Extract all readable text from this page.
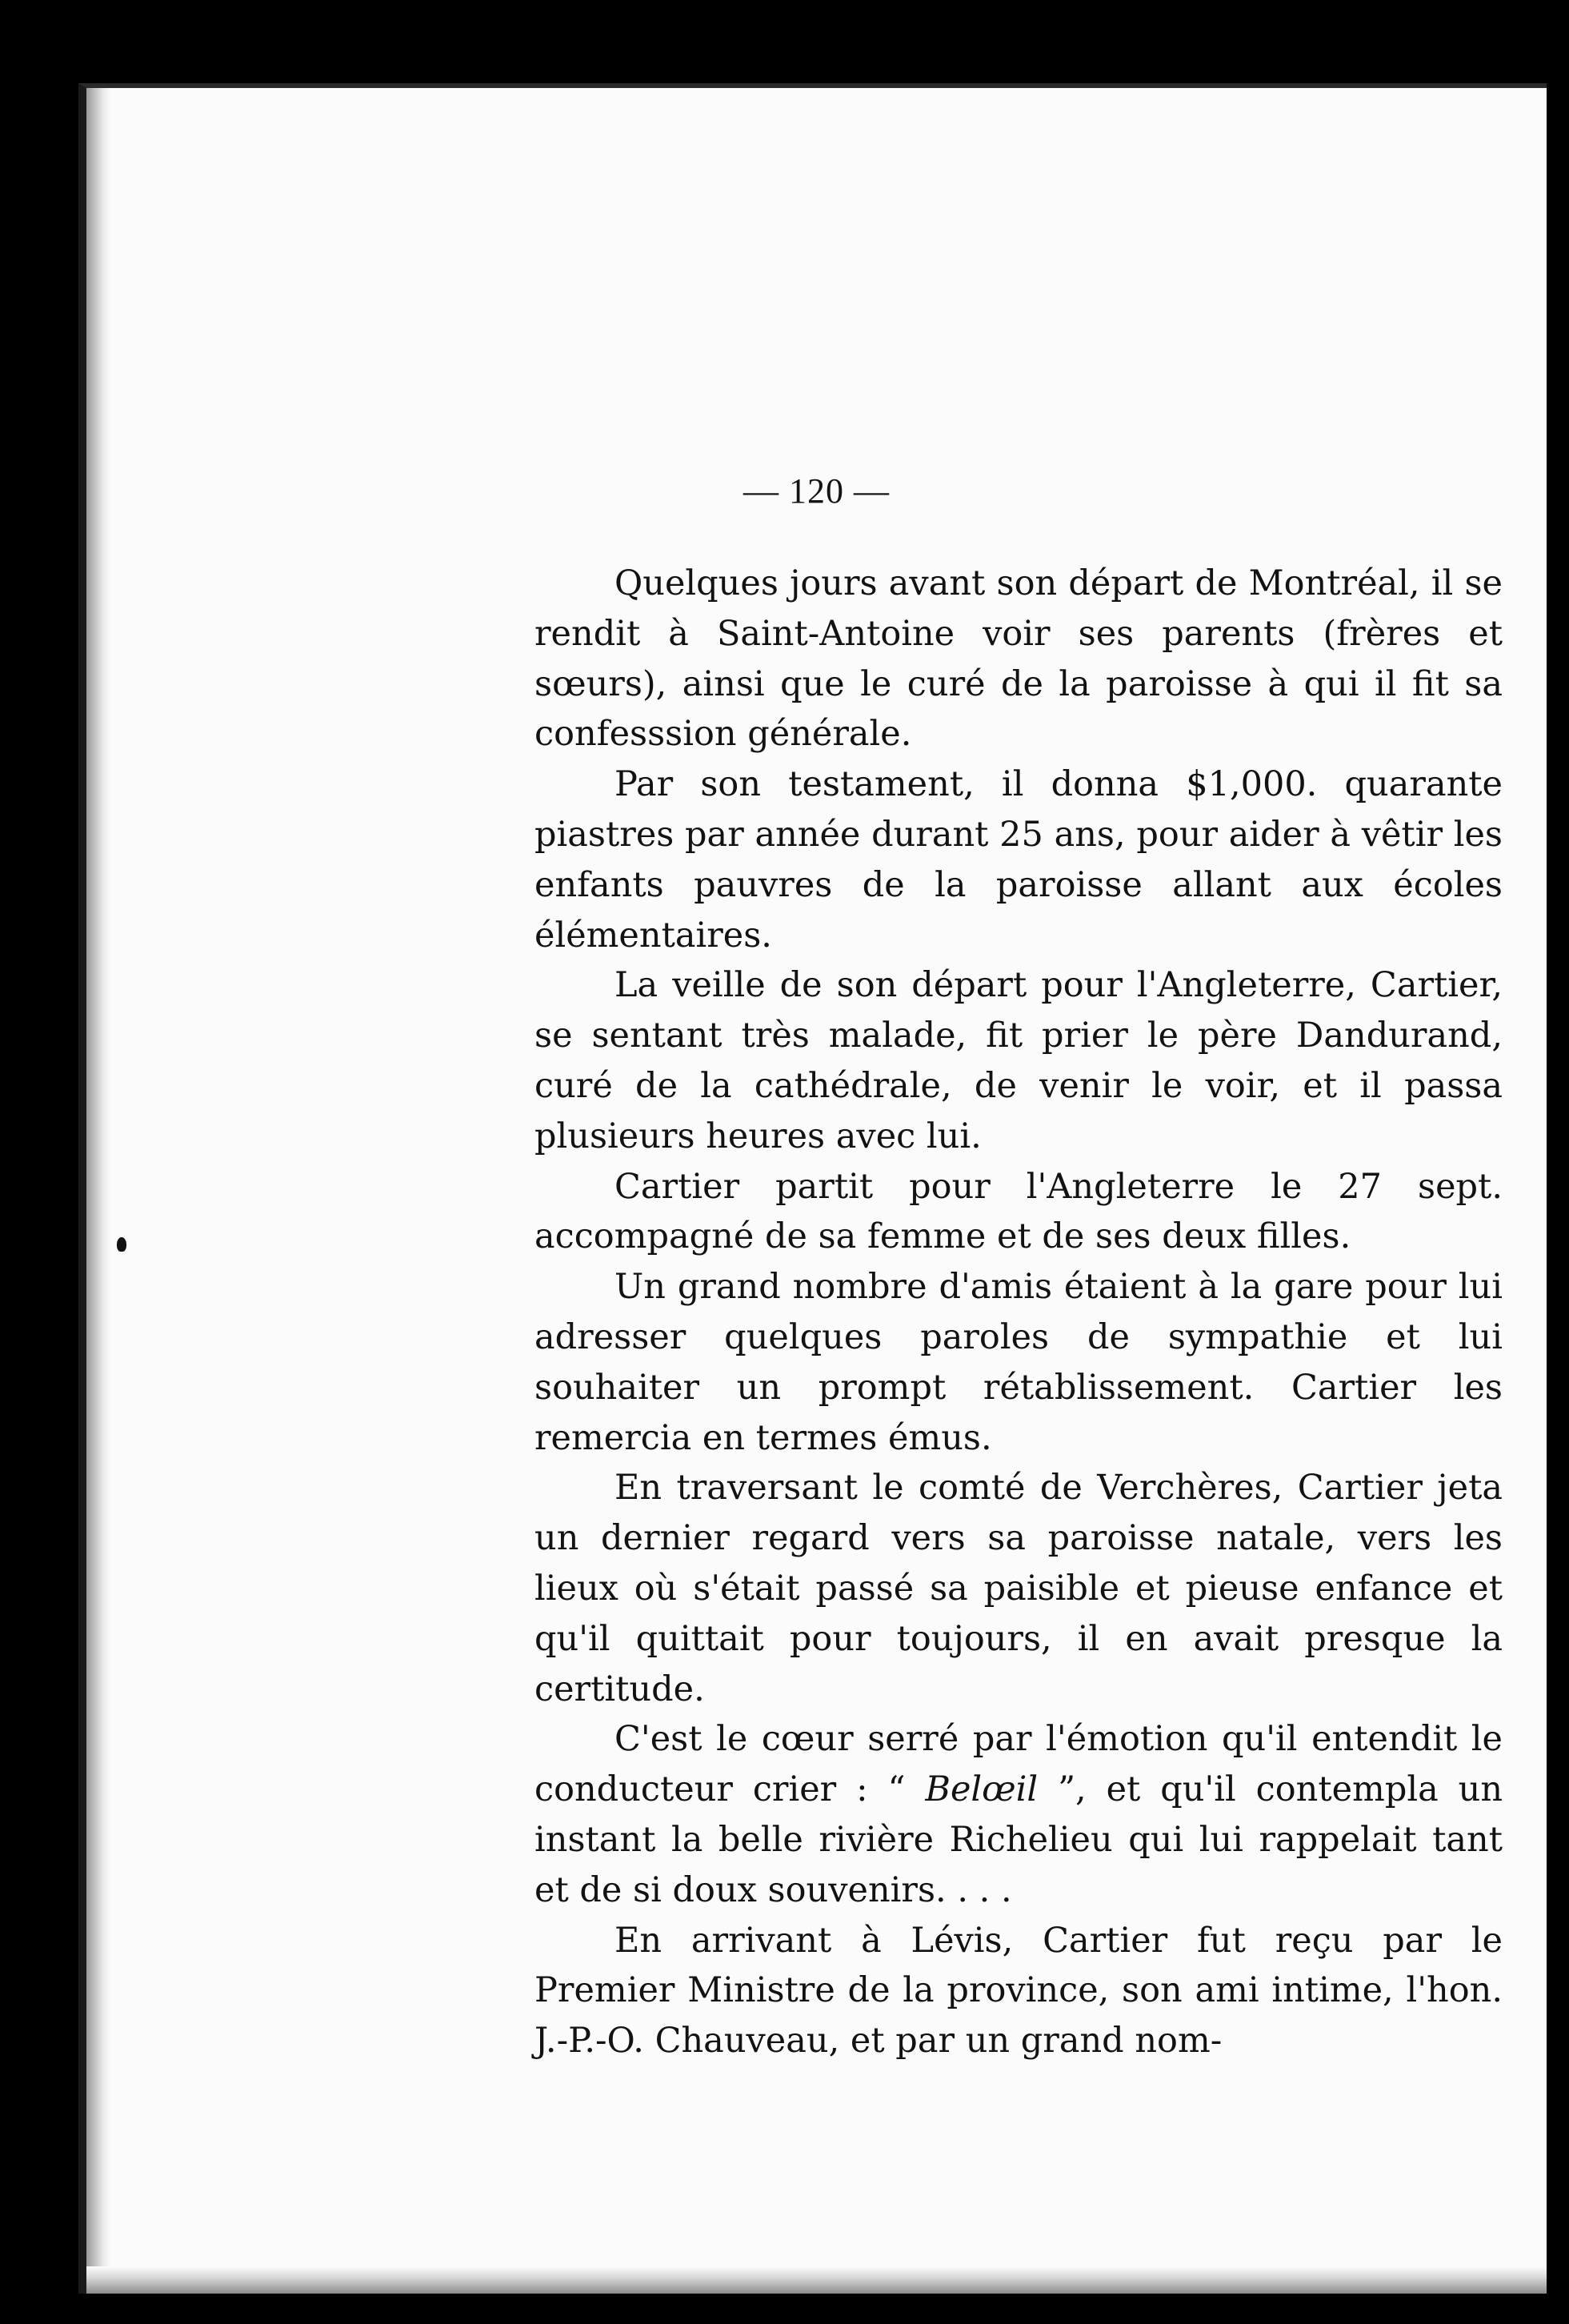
— 120 —

Quelques jours avant son départ de Montréal, il se rendit à Saint-Antoine voir ses parents (frères et sœurs), ainsi que le curé de la paroisse à qui il fit sa confesssion générale.

Par son testament, il donna $1,000. quarante piastres par année durant 25 ans, pour aider à vêtir les enfants pauvres de la paroisse allant aux écoles élémentaires.

La veille de son départ pour l'Angleterre, Cartier, se sentant très malade, fit prier le père Dandurand, curé de la cathédrale, de venir le voir, et il passa plusieurs heures avec lui.

Cartier partit pour l'Angleterre le 27 sept. accompagné de sa femme et de ses deux filles.

Un grand nombre d'amis étaient à la gare pour lui adresser quelques paroles de sympathie et lui souhaiter un prompt rétablissement. Cartier les remercia en termes émus.

En traversant le comté de Verchères, Cartier jeta un dernier regard vers sa paroisse natale, vers les lieux où s'était passé sa paisible et pieuse enfance et qu'il quittait pour toujours, il en avait presque la certitude.

C'est le cœur serré par l'émotion qu'il entendit le conducteur crier : “ Belœil ”, et qu'il contempla un instant la belle rivière Richelieu qui lui rappelait tant et de si doux souvenirs. . . .

En arrivant à Lévis, Cartier fut reçu par le Premier Ministre de la province, son ami intime, l'hon. J.-P.-O. Chauveau, et par un grand nom-
